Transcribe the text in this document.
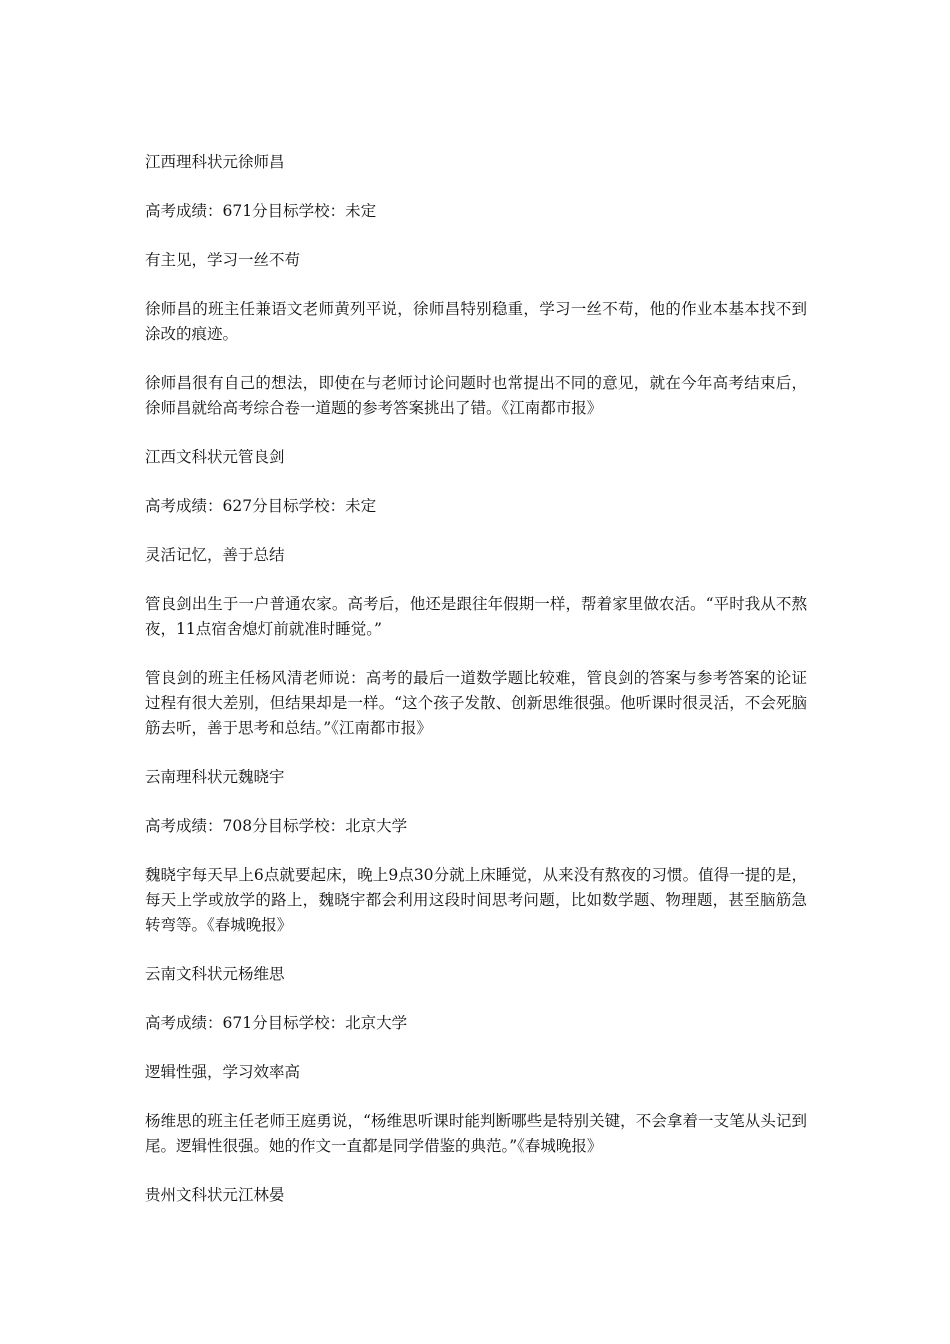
江西理科状元徐师昌

高考成绩：671分目标学校：未定

有主见，学习一丝不苟

徐师昌的班主任兼语文老师黄列平说，徐师昌特别稳重，学习一丝不苟，他的作业本基本找不到涂改的痕迹。

徐师昌很有自己的想法，即使在与老师讨论问题时也常提出不同的意见，就在今年高考结束后，徐师昌就给高考综合卷一道题的参考答案挑出了错。《江南都市报》

江西文科状元管良剑

高考成绩：627分目标学校：未定

灵活记忆，善于总结

管良剑出生于一户普通农家。高考后，他还是跟往年假期一样，帮着家里做农活。“平时我从不熬夜，11点宿舍熄灯前就准时睡觉。”

管良剑的班主任杨风清老师说：高考的最后一道数学题比较难，管良剑的答案与参考答案的论证过程有很大差别，但结果却是一样。“这个孩子发散、创新思维很强。他听课时很灵活，不会死脑筋去听，善于思考和总结。”《江南都市报》

云南理科状元魏晓宇

高考成绩：708分目标学校：北京大学

魏晓宇每天早上6点就要起床，晚上9点30分就上床睡觉，从来没有熬夜的习惯。值得一提的是，每天上学或放学的路上，魏晓宇都会利用这段时间思考问题，比如数学题、物理题，甚至脑筋急转弯等。《春城晚报》

云南文科状元杨维思

高考成绩：671分目标学校：北京大学

逻辑性强，学习效率高

杨维思的班主任老师王庭勇说，“杨维思听课时能判断哪些是特别关键，不会拿着一支笔从头记到尾。逻辑性很强。她的作文一直都是同学借鉴的典范。”《春城晚报》

贵州文科状元江林晏
